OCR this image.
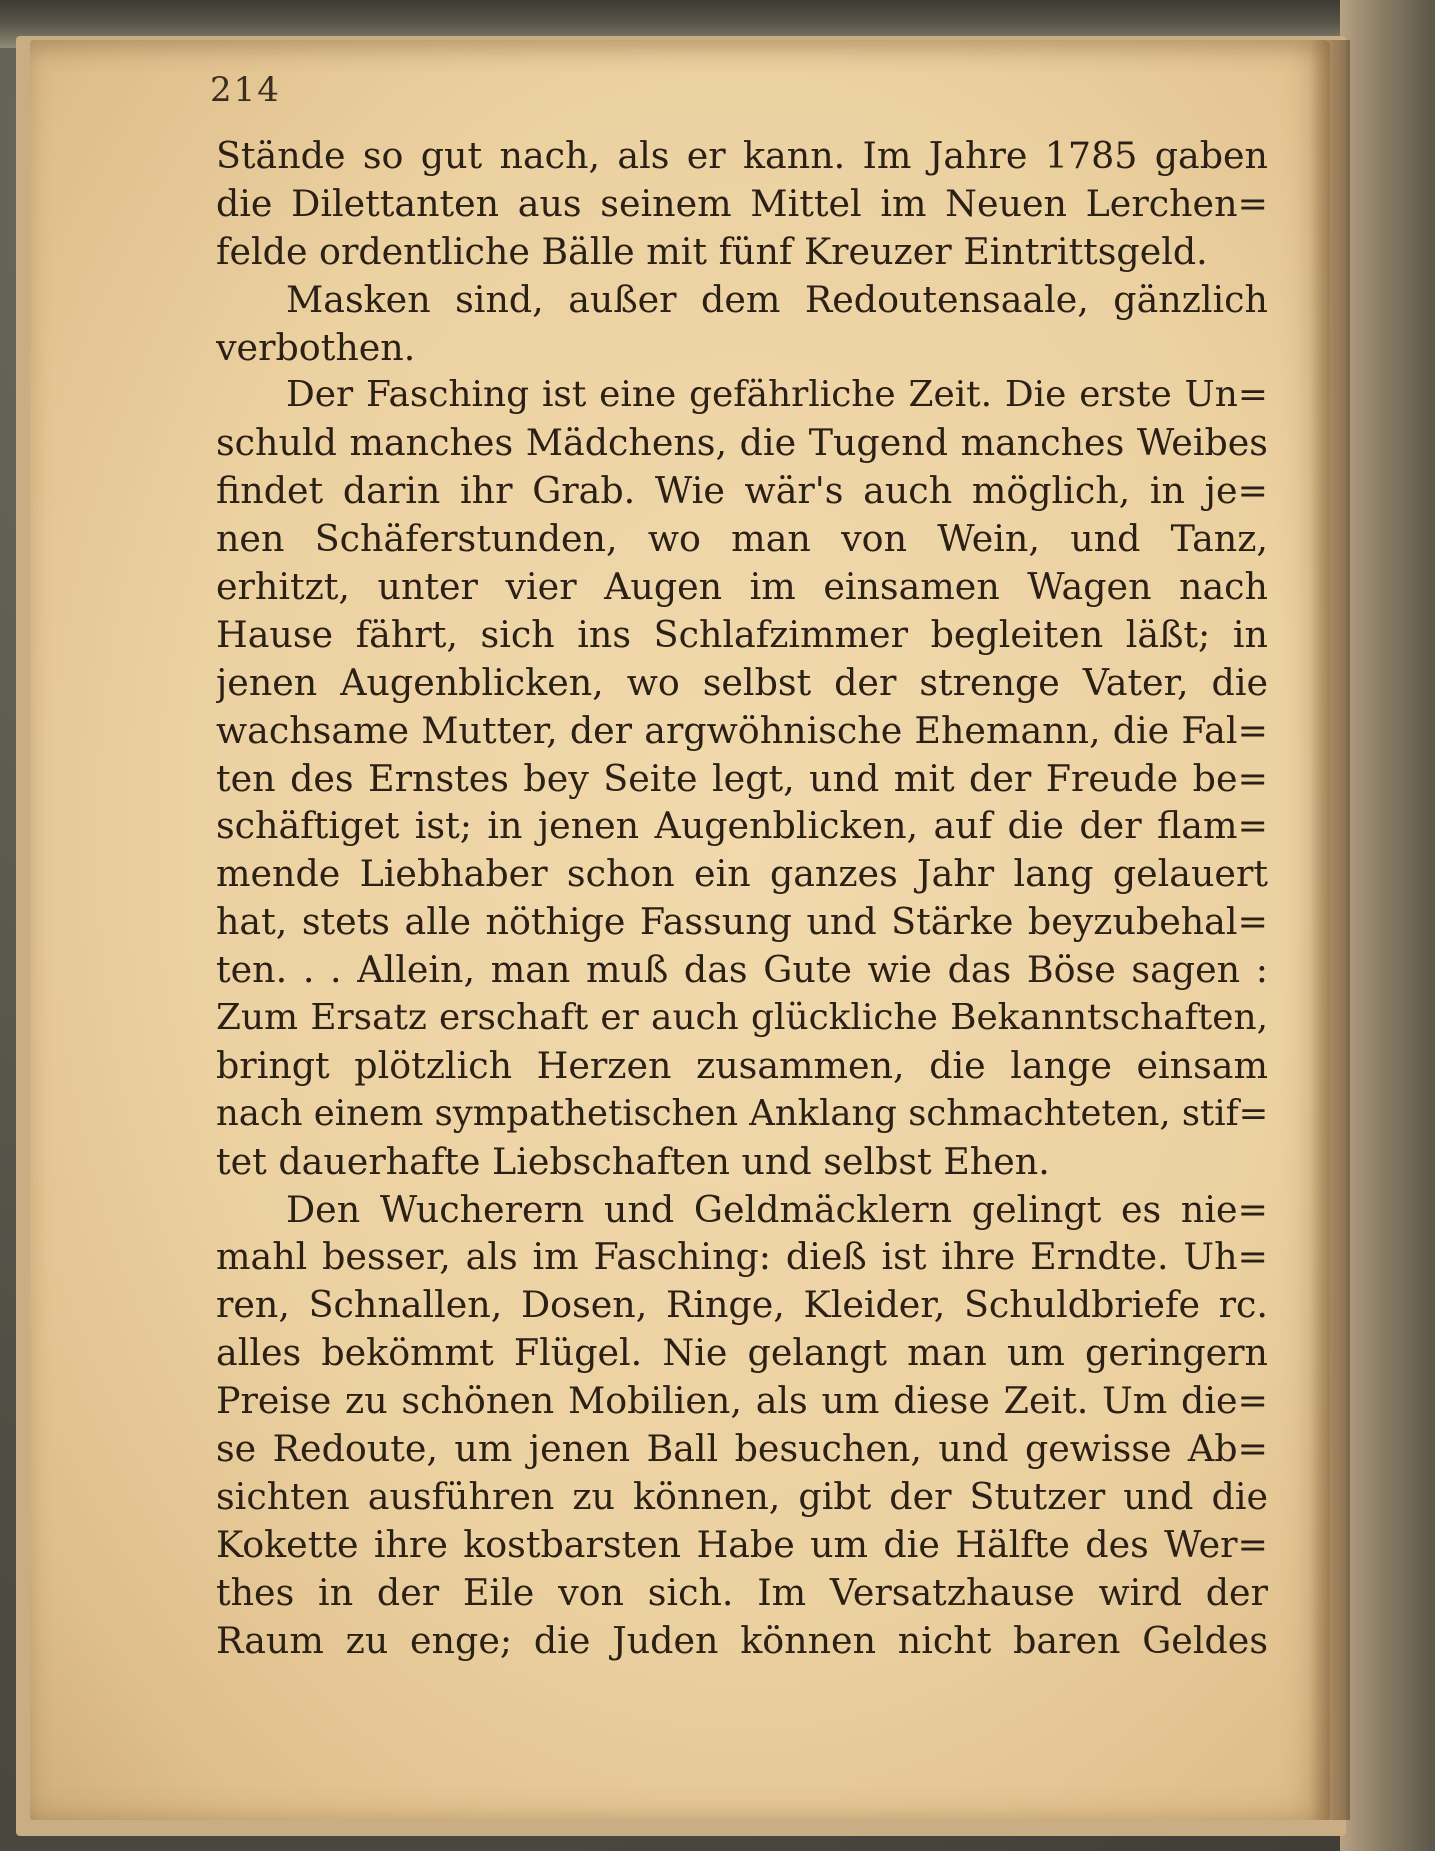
214
Stände so gut nach, als er kann. Im Jahre 1785 gaben
die Dilettanten aus seinem Mittel im Neuen Lerchen=
felde ordentliche Bälle mit fünf Kreuzer Eintrittsgeld.
Masken sind, außer dem Redoutensaale, gänzlich
verbothen.
Der Fasching ist eine gefährliche Zeit. Die erste Un=
schuld manches Mädchens, die Tugend manches Weibes
findet darin ihr Grab. Wie wär's auch möglich, in je=
nen Schäferstunden, wo man von Wein, und Tanz,
erhitzt, unter vier Augen im einsamen Wagen nach
Hause fährt, sich ins Schlafzimmer begleiten läßt; in
jenen Augenblicken, wo selbst der strenge Vater, die
wachsame Mutter, der argwöhnische Ehemann, die Fal=
ten des Ernstes bey Seite legt, und mit der Freude be=
schäftiget ist; in jenen Augenblicken, auf die der flam=
mende Liebhaber schon ein ganzes Jahr lang gelauert
hat, stets alle nöthige Fassung und Stärke beyzubehal=
ten. . . Allein, man muß das Gute wie das Böse sagen :
Zum Ersatz erschaft er auch glückliche Bekanntschaften,
bringt plötzlich Herzen zusammen, die lange einsam
nach einem sympathetischen Anklang schmachteten, stif=
tet dauerhafte Liebschaften und selbst Ehen.
Den Wucherern und Geldmäcklern gelingt es nie=
mahl besser, als im Fasching: dieß ist ihre Erndte. Uh=
ren, Schnallen, Dosen, Ringe, Kleider, Schuldbriefe rc.
alles bekömmt Flügel. Nie gelangt man um geringern
Preise zu schönen Mobilien, als um diese Zeit. Um die=
se Redoute, um jenen Ball besuchen, und gewisse Ab=
sichten ausführen zu können, gibt der Stutzer und die
Kokette ihre kostbarsten Habe um die Hälfte des Wer=
thes in der Eile von sich. Im Versatzhause wird der
Raum zu enge; die Juden können nicht baren Geldes
